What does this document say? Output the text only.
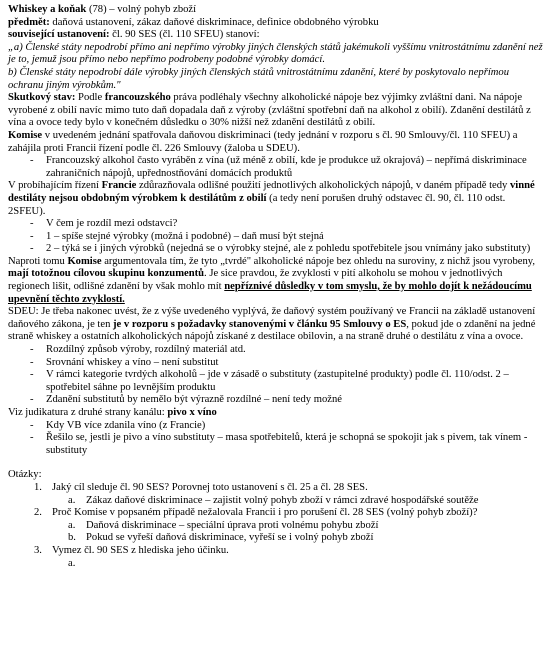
Whiskey a koňak (78) – volný pohyb zboží

předmět: daňová ustanovení, zákaz daňové diskriminace, definice obdobného výrobku

související ustanovení: čl. 90 SES (čl. 110 SFEU) stanoví:

„a) Členské státy nepodrobí přímo ani nepřímo výrobky jiných členských států jakémukoli vyššímu vnitrostátnímu zdanění než je to, jemuž jsou přímo nebo nepřímo podrobeny podobné výrobky domácí.

b) Členské státy nepodrobí dále výrobky jiných členských států vnitrostátnímu zdanění, které by poskytovalo nepřímou ochranu jiným výrobkům."

Skutkový stav: Podle francouzského práva podléhaly všechny alkoholické nápoje bez výjimky zvláštní dani. Na nápoje vyrobené z obilí navíc mimo tuto daň dopadala daň z výroby (zvláštní spotřební daň na alkohol z obilí). Zdanění destilátů z vína a ovoce tedy bylo v konečném důsledku o 30% nižší než zdanění destilátů z obilí.

Komise v uvedeném jednání spatřovala daňovou diskriminaci (tedy jednání v rozporu s čl. 90 Smlouvy/čl. 110 SFEU) a zahájila proti Francii řízení podle čl. 226 Smlouvy (žaloba u SDEU).

-	Francouzský alkohol často vyráběn z vína (už méně z obilí, kde je produkce už okrajová) – nepřímá diskriminace zahraničních nápojů, upřednostňování domácích produktů

V probíhajícím řízení Francie zdůrazňovala odlišné použití jednotlivých alkoholických nápojů, v daném případě tedy vinné destiláty nejsou obdobným výrobkem k destilátům z obilí (a tedy není porušen druhý odstavec čl. 90, čl. 110 odst. 2SFEU).

-	V čem je rozdíl mezi odstavci?
-	1 – spíše stejné výrobky (možná i podobné) – daň musí být stejná
-	2 – týká se i jiných výrobků (nejedná se o výrobky stejné, ale z pohledu spotřebitele jsou vnímány jako substituty)

Naproti tomu Komise argumentovala tím, že tyto „tvrdé" alkoholické nápoje bez ohledu na suroviny, z nichž jsou vyrobeny, mají totožnou cílovou skupinu konzumentů. Je sice pravdou, že zvyklosti v pití alkoholu se mohou v jednotlivých regionech lišit, odlišné zdanění by však mohlo mít nepříznivé důsledky v tom smyslu, že by mohlo dojít k nežádoucímu upevnění těchto zvyklostí.

SDEU: Je třeba nakonec uvést, že z výše uvedeného vyplývá, že daňový systém používaný ve Francii na základě ustanovení daňového zákona, je ten je v rozporu s požadavky stanovenými v článku 95 Smlouvy o ES, pokud jde o zdanění na jedné straně whiskey a ostatních alkoholických nápojů získané z destilace obilovin, a na straně druhé o destilátu z vína a ovoce.

-	Rozdílný způsob výroby, rozdílný materiál atd.
-	Srovnání whiskey a víno – není substitut
-	V rámci kategorie tvrdých alkoholů – jde v zásadě o substituty (zastupitelné produkty) podle čl. 110/odst. 2 – spotřebitel sáhne po levnějším produktu
-	Zdanění substitutů by nemělo být výrazně rozdílné – není tedy možné

Viz judikatura z druhé strany kanálu: pivo x víno

-	Kdy VB více zdanila víno (z Francie)
-	Řešilo se, jestli je pivo a víno substituty – masa spotřebitelů, která je schopná se spokojit jak s pivem, tak vínem - substituty

Otázky:

1. Jaký cíl sleduje čl. 90 SES? Porovnej toto ustanovení s čl. 25 a čl. 28 SES.
a.	Zákaz daňové diskriminace – zajistit volný pohyb zboží v rámci zdravé hospodářské soutěže
2. Proč Komise v popsaném případě nežalovala Francii i pro porušení čl. 28 SES (volný pohyb zboží)?
a.	Daňová diskriminace – speciální úprava proti volnému pohybu zboží
b. Pokud se vyřeší daňová diskriminace, vyřeší se i volný pohyb zboží
3. Vymez čl. 90 SES z hlediska jeho účinku.
a.
